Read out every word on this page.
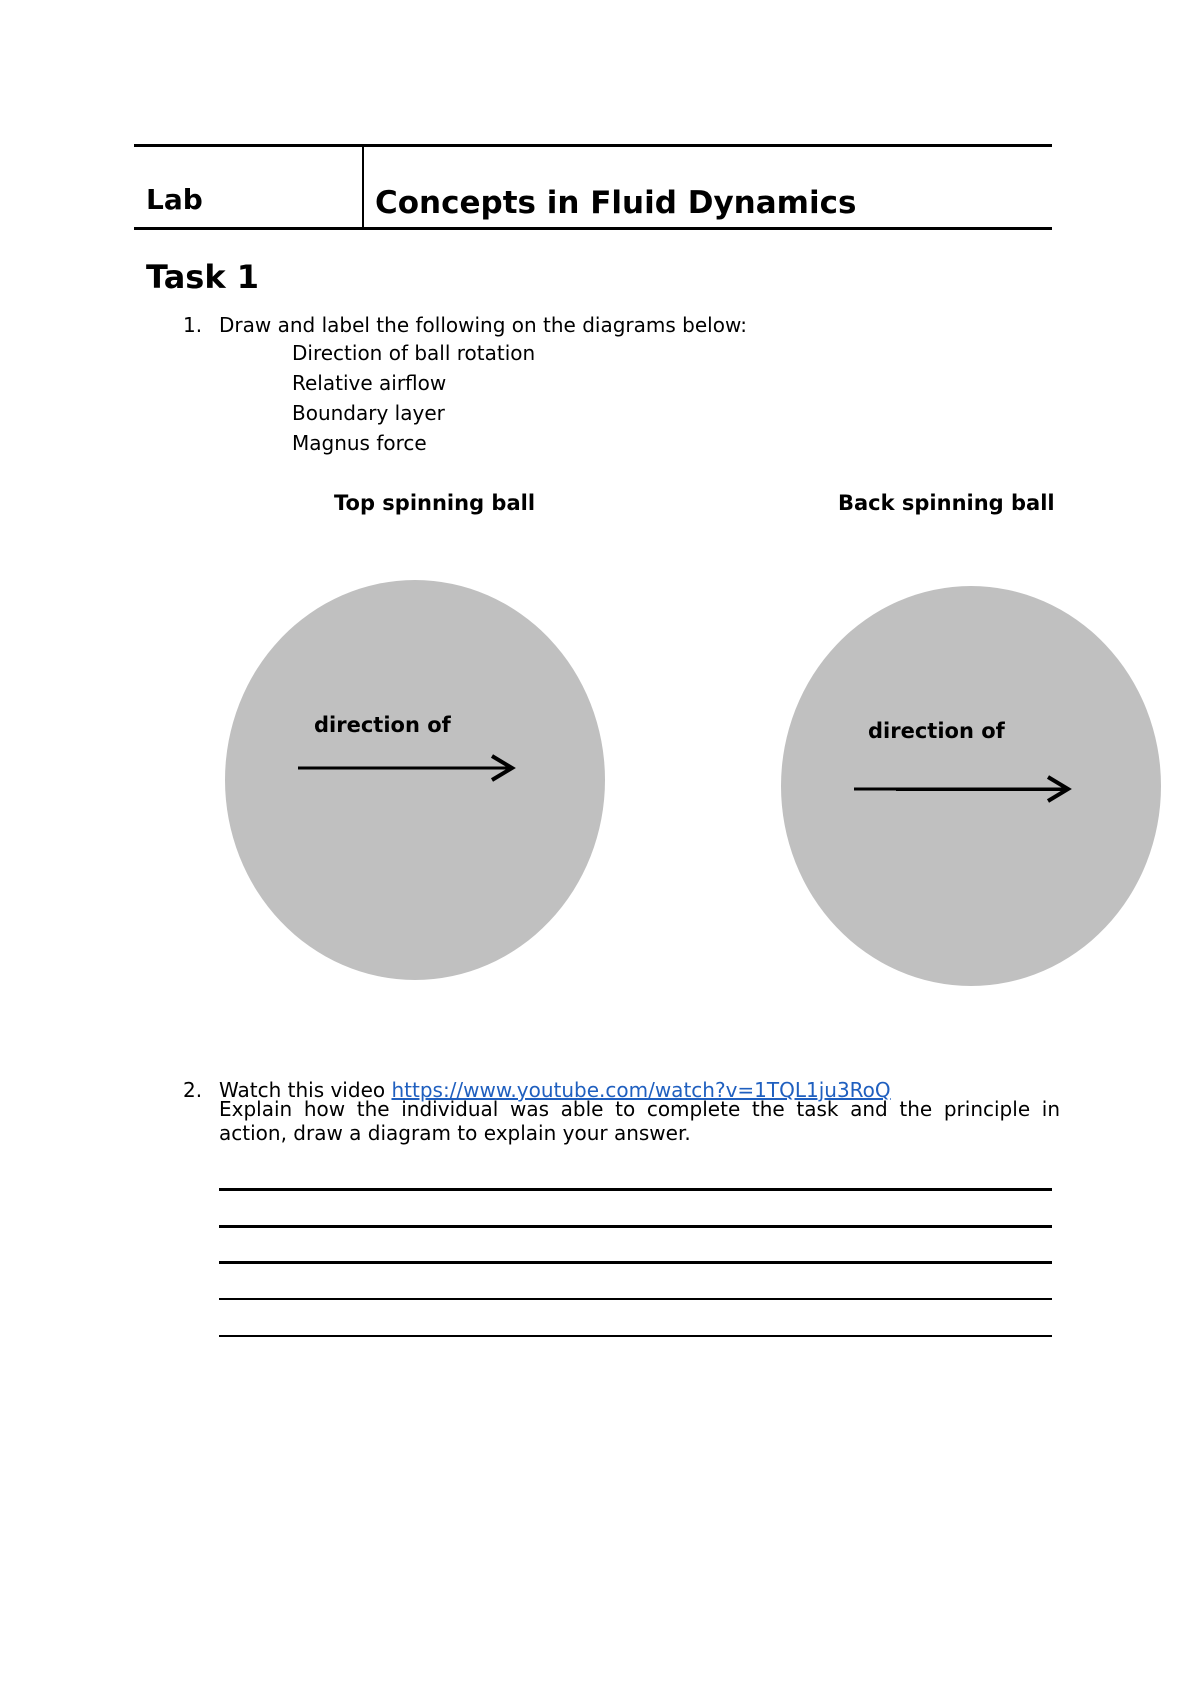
Lab	Concepts in Fluid Dynamics
Task 1
1. Draw and label the following on the diagrams below:
Direction of ball rotation
Relative airflow
Boundary layer
Magnus force
Top spinning ball	Back spinning ball
direction of	direction of
2. Watch this video https://www.youtube.com/watch?v=1TQL1ju3RoQ
Explain how the individual was able to complete the task and the principle in action, draw a diagram to explain your answer.
